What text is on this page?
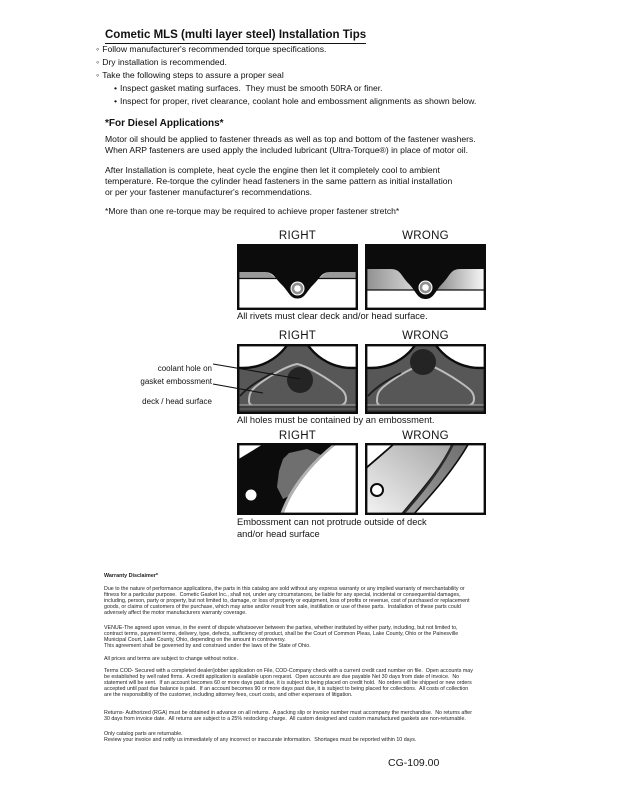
Cometic MLS (multi layer steel) Installation Tips
◦ Follow manufacturer's recommended torque specifications.
◦ Dry installation is recommended.
◦ Take the following steps to assure a proper seal
• Inspect gasket mating surfaces.  They must be smooth 50RA or finer.
• Inspect for proper, rivet clearance, coolant hole and embossment alignments as shown below.
*For Diesel Applications*
Motor oil should be applied to fastener threads as well as top and bottom of the fastener washers.
When ARP fasteners are used apply the included lubricant (Ultra-Torque®) in place of motor oil.
After Installation is complete, heat cycle the engine then let it completely cool to ambient
temperature. Re-torque the cylinder head fasteners in the same pattern as initial installation
or per your fastener manufacturer's recommendations.
*More than one re-torque may be required to achieve proper fastener stretch*
RIGHT	WRONG
All rivets must clear deck and/or head surface.
RIGHT	WRONG

coolant hole on

deck / head surface

gasket embossment
All holes must be contained by an embossment.
RIGHT	WRONG
Embossment can not protrude outside of deck
and/or head surface
Warranty Disclaimer*
Due to the nature of performance applications, the parts in this catalog are sold without any express warranty or any implied warranty of merchantability or
fitness for a particular purpose.  Cometic Gasket Inc., shall not, under any circumstances, be liable for any special, incidental or consequential damages,
including, person, party or property, but not limited to, damage, or loss of property or equipment, loss of profits or revenue, cost of purchased or replacement
goods, or claims of customers of the purchase, which may arise and/or result from sale, instillation or use of these parts.  Installation of these parts could
adversely affect the motor manufacturers warranty coverage.
VENUE-The agreed upon venue, in the event of dispute whatsoever between the parties, whether instituted by either party, including, but not limited to,
contract terms, payment terms, delivery, type, defects, sufficiency of product, shall be the Court of Common Pleas, Lake County, Ohio or the Painesville
Municipal Court, Lake County, Ohio, depending on the amount in controversy.
This agreement shall be governed by and construed under the laws of the State of Ohio.
All prices and terms are subject to change without notice.
Terms COD- Secured with a completed dealer/jobber application on File, COD-Company check with a current credit card number on file.  Open accounts may
be established by well rated firms.  A credit application is available upon request.  Open accounts are due payable Net 30 days from date of invoice.  No
statement will be sent.  If an account becomes 60 or more days past due, it is subject to being placed on credit hold.  No orders will be shipped or new orders
accepted until past due balance is paid.  If an account becomes 90 or more days past due, it is subject to being placed for collections.  All costs of collection
are the responsibility of the customer, including attorney fees, court costs, and other expenses of litigation.
Returns- Authorized (RGA) must be obtained in advance on all returns.  A packing slip or invoice number must accompany the merchandise.  No returns after
30 days from invoice date.  All returns are subject to a 25% restocking charge.  All custom designed and custom manufactured gaskets are non-returnable.
Only catalog parts are returnable.
Review your invoice and notify us immediately of any incorrect or inaccurate information.  Shortages must be reported within 10 days.
CG-109.00
